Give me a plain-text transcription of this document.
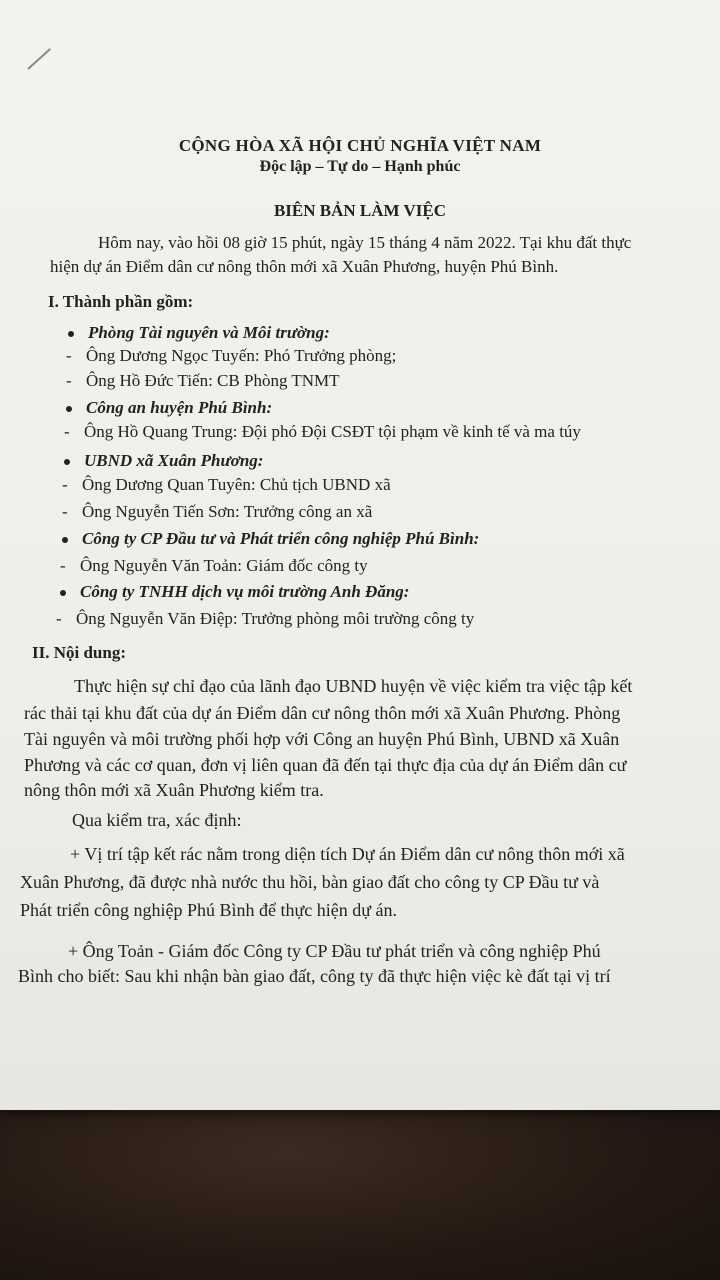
CỘNG HÒA XÃ HỘI CHỦ NGHĨA VIỆT NAM
Độc lập – Tự do – Hạnh phúc
BIÊN BẢN LÀM VIỆC
Hôm nay, vào hồi 08 giờ 15 phút, ngày 15 tháng 4 năm 2022. Tại khu đất thực
hiện dự án Điểm dân cư nông thôn mới xã Xuân Phương, huyện Phú Bình.
I. Thành phần gồm:
Phòng Tài nguyên và Môi trường:
- Ông Dương Ngọc Tuyến: Phó Trưởng phòng;
- Ông Hồ Đức Tiến: CB Phòng TNMT
Công an huyện Phú Bình:
- Ông Hồ Quang Trung: Đội phó Đội CSĐT tội phạm về kinh tế và ma túy
UBND xã Xuân Phương:
- Ông Dương Quan Tuyên: Chủ tịch UBND xã
- Ông Nguyễn Tiến Sơn: Trưởng công an xã
Công ty CP Đầu tư và Phát triển công nghiệp Phú Bình:
- Ông Nguyễn Văn Toản: Giám đốc công ty
Công ty TNHH dịch vụ môi trường Anh Đăng:
- Ông Nguyễn Văn Điệp: Trưởng phòng môi trường công ty
II. Nội dung:
Thực hiện sự chỉ đạo của lãnh đạo UBND huyện về việc kiểm tra việc tập kết
rác thải tại khu đất của dự án Điểm dân cư nông thôn mới xã Xuân Phương. Phòng
Tài nguyên và môi trường phối hợp với Công an huyện Phú Bình, UBND xã Xuân
Phương và các cơ quan, đơn vị liên quan đã đến tại thực địa của dự án Điểm dân cư
nông thôn mới xã Xuân Phương kiểm tra.
Qua kiểm tra, xác định:
+ Vị trí tập kết rác nằm trong diện tích Dự án Điểm dân cư nông thôn mới xã
Xuân Phương, đã được nhà nước thu hồi, bàn giao đất cho công ty CP Đầu tư và
Phát triển công nghiệp Phú Bình để thực hiện dự án.
+ Ông Toản - Giám đốc Công ty CP Đầu tư phát triển và công nghiệp Phú
Bình cho biết: Sau khi nhận bàn giao đất, công ty đã thực hiện việc kè đất tại vị trí
